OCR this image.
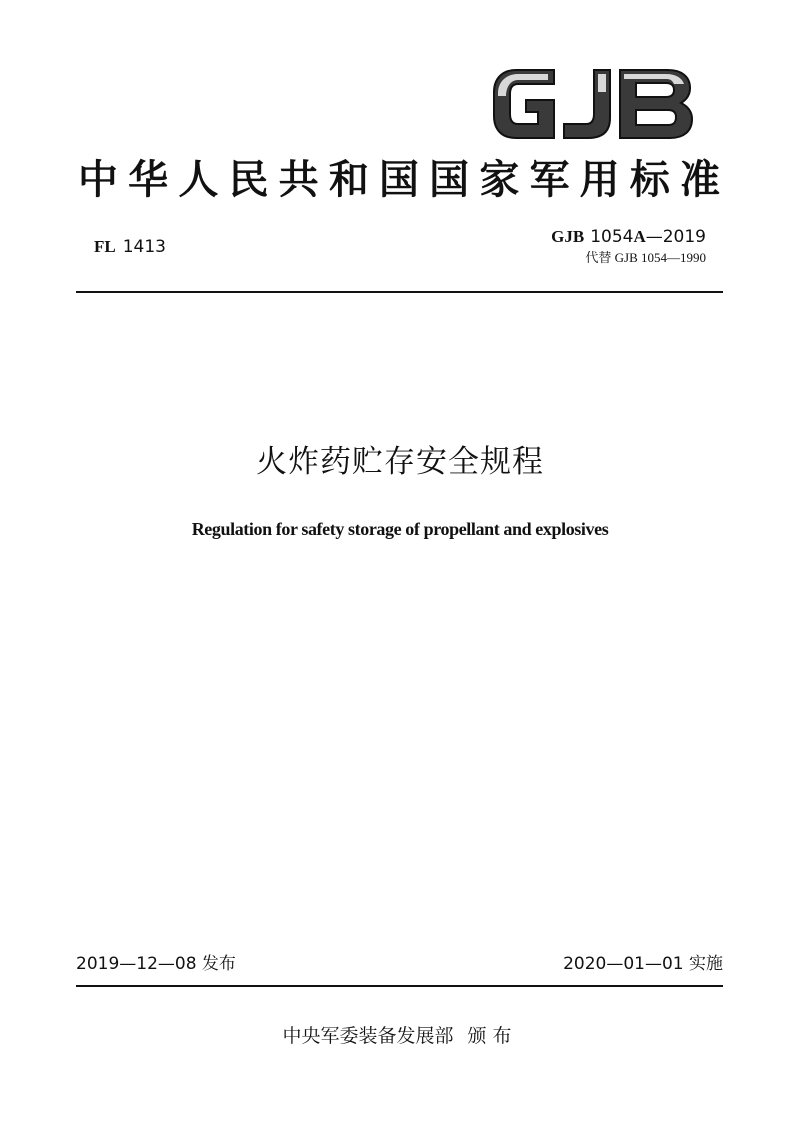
中华人民共和国国家军用标准
FL 1413
GJB 1054A—2019
代替 GJB 1054—1990
火炸药贮存安全规程
Regulation for safety storage of propellant and explosives
2019—12—08 发布	2020—01—01 实施
中央军委装备发展部 颁布
